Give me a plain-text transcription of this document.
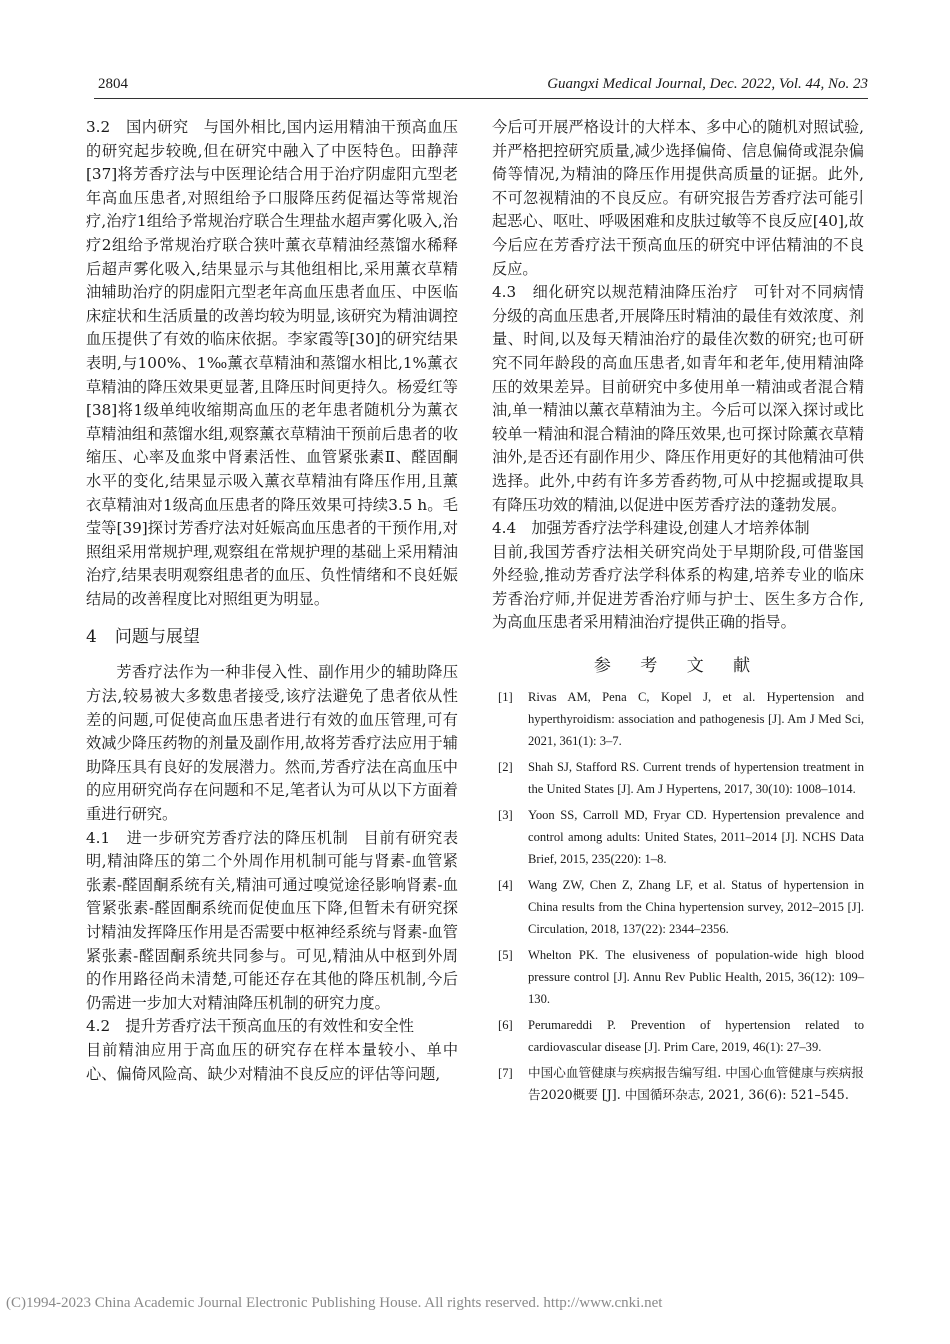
2804	Guangxi Medical Journal, Dec. 2022, Vol. 44, No. 23

3.2　国内研究 与国外相比,国内运用精油干预高血压的研究起步较晚,但在研究中融入了中医特色。田静萍[37]将芳香疗法与中医理论结合用于治疗阴虚阳亢型老年高血压患者,对照组给予口服降压药促福达等常规治疗,治疗1组给予常规治疗联合生理盐水超声雾化吸入,治疗2组给予常规治疗联合狭叶薰衣草精油经蒸馏水稀释后超声雾化吸入,结果显示与其他组相比,采用薰衣草精油辅助治疗的阴虚阳亢型老年高血压患者血压、中医临床症状和生活质量的改善均较为明显,该研究为精油调控血压提供了有效的临床依据。李家霞等[30]的研究结果表明,与100%、1‰薰衣草精油和蒸馏水相比,1%薰衣草精油的降压效果更显著,且降压时间更持久。杨爱红等[38]将1级单纯收缩期高血压的老年患者随机分为薰衣草精油组和蒸馏水组,观察薰衣草精油干预前后患者的收缩压、心率及血浆中肾素活性、血管紧张素Ⅱ、醛固酮水平的变化,结果显示吸入薰衣草精油有降压作用,且薰衣草精油对1级高血压患者的降压效果可持续3.5 h。毛莹等[39]探讨芳香疗法对妊娠高血压患者的干预作用,对照组采用常规护理,观察组在常规护理的基础上采用精油治疗,结果表明观察组患者的血压、负性情绪和不良妊娠结局的改善程度比对照组更为明显。

4 问题与展望

芳香疗法作为一种非侵入性、副作用少的辅助降压方法,较易被大多数患者接受,该疗法避免了患者依从性差的问题,可促使高血压患者进行有效的血压管理,可有效减少降压药物的剂量及副作用,故将芳香疗法应用于辅助降压具有良好的发展潜力。然而,芳香疗法在高血压中的应用研究尚存在问题和不足,笔者认为可从以下方面着重进行研究。

4.1　进一步研究芳香疗法的降压机制 目前有研究表明,精油降压的第二个外周作用机制可能与肾素-血管紧张素-醛固酮系统有关,精油可通过嗅觉途径影响肾素-血管紧张素-醛固酮系统而促使血压下降,但暂未有研究探讨精油发挥降压作用是否需要中枢神经系统与肾素-血管紧张素-醛固酮系统共同参与。可见,精油从中枢到外周的作用路径尚未清楚,可能还存在其他的降压机制,今后仍需进一步加大对精油降压机制的研究力度。

4.2　提升芳香疗法干预高血压的有效性和安全性

目前精油应用于高血压的研究存在样本量较小、单中心、偏倚风险高、缺少对精油不良反应的评估等问题,

今后可开展严格设计的大样本、多中心的随机对照试验,并严格把控研究质量,减少选择偏倚、信息偏倚或混杂偏倚等情况,为精油的降压作用提供高质量的证据。此外,不可忽视精油的不良反应。有研究报告芳香疗法可能引起恶心、呕吐、呼吸困难和皮肤过敏等不良反应[40],故今后应在芳香疗法干预高血压的研究中评估精油的不良反应。

4.3　细化研究以规范精油降压治疗 可针对不同病情分级的高血压患者,开展降压时精油的最佳有效浓度、剂量、时间,以及每天精油治疗的最佳次数的研究;也可研究不同年龄段的高血压患者,如青年和老年,使用精油降压的效果差异。目前研究中多使用单一精油或者混合精油,单一精油以薰衣草精油为主。今后可以深入探讨或比较单一精油和混合精油的降压效果,也可探讨除薰衣草精油外,是否还有副作用少、降压作用更好的其他精油可供选择。此外,中药有许多芳香药物,可从中挖掘或提取具有降压功效的精油,以促进中医芳香疗法的蓬勃发展。

4.4　加强芳香疗法学科建设,创建人才培养体制

目前,我国芳香疗法相关研究尚处于早期阶段,可借鉴国外经验,推动芳香疗法学科体系的构建,培养专业的临床芳香治疗师,并促进芳香治疗师与护士、医生多方合作,为高血压患者采用精油治疗提供正确的指导。

参 考 文 献
[1] Rivas AM, Pena C, Kopel J, et al. Hypertension and hyperthyroidism: association and pathogenesis [J]. Am J Med Sci, 2021, 361(1): 3–7.
[2] Shah SJ, Stafford RS. Current trends of hypertension treatment in the United States [J]. Am J Hypertens, 2017, 30(10): 1008–1014.
[3] Yoon SS, Carroll MD, Fryar CD. Hypertension prevalence and control among adults: United States, 2011–2014 [J]. NCHS Data Brief, 2015, 235(220): 1–8.
[4] Wang ZW, Chen Z, Zhang LF, et al. Status of hypertension in China results from the China hypertension survey, 2012–2015 [J]. Circulation, 2018, 137(22): 2344–2356.
[5] Whelton PK. The elusiveness of population-wide high blood pressure control [J]. Annu Rev Public Health, 2015, 36(12): 109–130.
[6] Perumareddi P. Prevention of hypertension related to cardiovascular disease [J]. Prim Care, 2019, 46(1): 27–39.
[7] 中国心血管健康与疾病报告编写组. 中国心血管健康与疾病报告2020概要 [J]. 中国循环杂志, 2021, 36(6): 521–545.
(C)1994-2023 China Academic Journal Electronic Publishing House. All rights reserved. http://www.cnki.net
